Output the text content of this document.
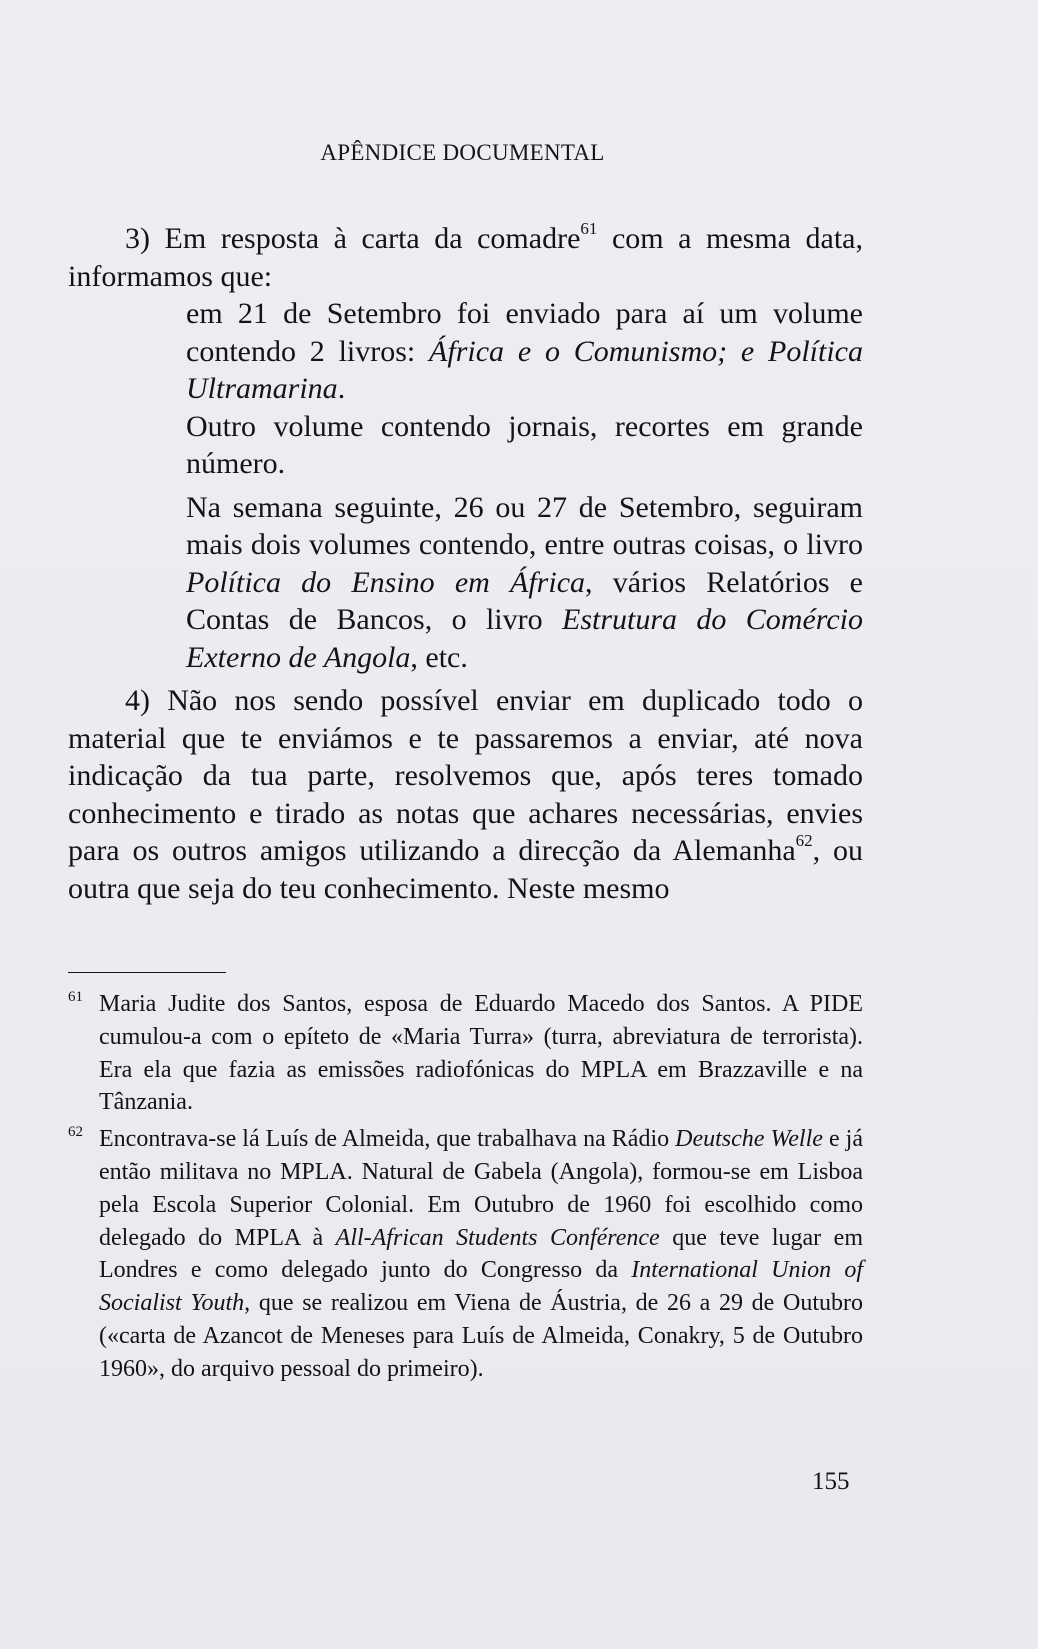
APÊNDICE DOCUMENTAL

3) Em resposta à carta da comadre$^{61}$ com a mesma data, informamos que:

em 21 de Setembro foi enviado para aí um volume contendo 2 livros: África e o Comunismo; e Política Ultramarina.

Outro volume contendo jornais, recortes em grande número.

Na semana seguinte, 26 ou 27 de Setembro, seguiram mais dois volumes contendo, entre outras coisas, o livro Política do Ensino em África, vários Relatórios e Contas de Bancos, o livro Estrutura do Comércio Externo de Angola, etc.

4) Não nos sendo possível enviar em duplicado todo o material que te enviámos e te passaremos a enviar, até nova indicação da tua parte, resolvemos que, após teres tomado conhecimento e tirado as notas que achares necessárias, envies para os outros amigos utilizando a direcção da Alemanha$^{62}$, ou outra que seja do teu conhecimento. Neste mesmo

61 Maria Judite dos Santos, esposa de Eduardo Macedo dos Santos. A PIDE cumulou-a com o epíteto de «Maria Turra» (turra, abreviatura de terrorista). Era ela que fazia as emissões radiofónicas do MPLA em Brazzaville e na Tânzania.

62 Encontrava-se lá Luís de Almeida, que trabalhava na Rádio Deutsche Welle e já então militava no MPLA. Natural de Gabela (Angola), formou-se em Lisboa pela Escola Superior Colonial. Em Outubro de 1960 foi escolhido como delegado do MPLA à All-African Students Conférence que teve lugar em Londres e como delegado junto do Congresso da International Union of Socialist Youth, que se realizou em Viena de Áustria, de 26 a 29 de Outubro («carta de Azancot de Meneses para Luís de Almeida, Conakry, 5 de Outubro 1960», do arquivo pessoal do primeiro).

155
